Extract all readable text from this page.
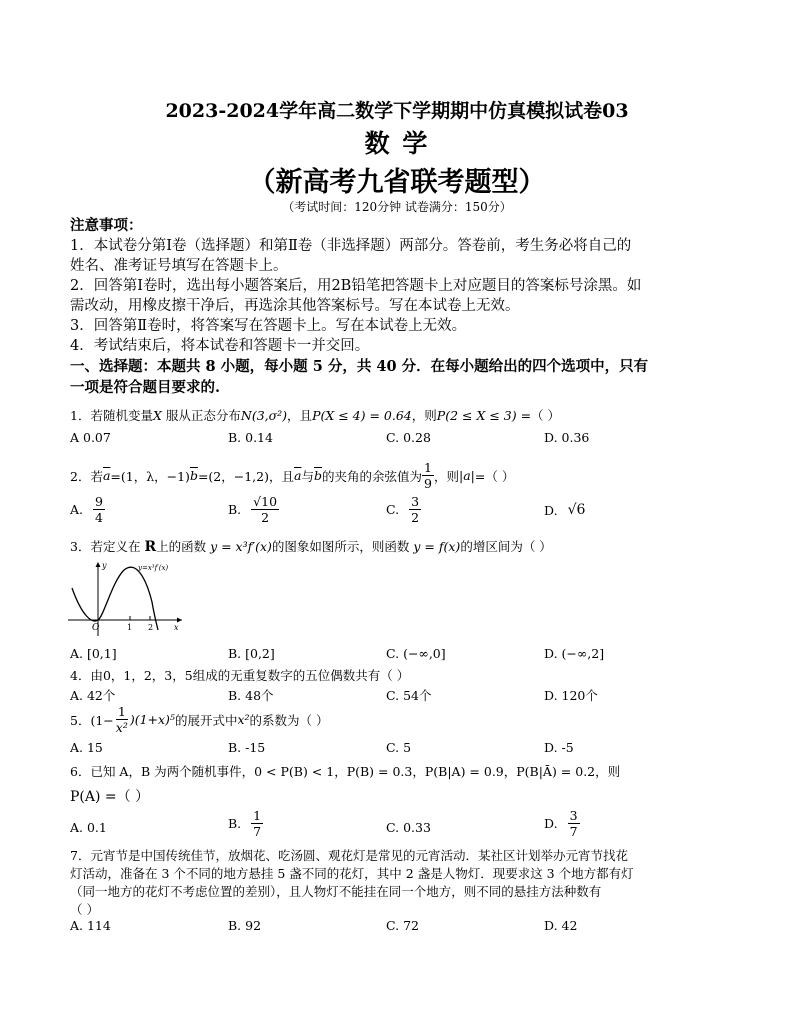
2023-2024学年高二数学下学期期中仿真模拟试卷03
数 学
（新高考九省联考题型）
（考试时间：120分钟 试卷满分：150分）
注意事项：
1．本试卷分第Ⅰ卷（选择题）和第Ⅱ卷（非选择题）两部分。答卷前，考生务必将自己的
姓名、准考证号填写在答题卡上。
2．回答第Ⅰ卷时，选出每小题答案后，用2B铅笔把答题卡上对应题目的答案标号涂黑。如
需改动，用橡皮擦干净后，再选涂其他答案标号。写在本试卷上无效。
3．回答第Ⅱ卷时，将答案写在答题卡上。写在本试卷上无效。
4．考试结束后，将本试卷和答题卡一并交回。
一、选择题：本题共 8 小题，每小题 5 分，共 40 分．在每小题给出的四个选项中，只有
一项是符合题目要求的.
1．若随机变量X 服从正态分布N(3,σ²)，且P(X ≤ 4) = 0.64，则P(2 ≤ X ≤ 3) =（ ）
A 0.07	B. 0.14	C. 0.28	D. 0.36
2．若 $\overline{a} =(1$，λ，−1) $\overline{b} =(2$，−1,2) ，且 $\overline{a}$ 与 $\overline{b}$ 的夹角的余弦值为 $\frac{1}{9}$ ，则 |a| =（ ）
A. $\frac{9}{4}$	B. $\frac{√10}{2}$	C. $\frac{3}{2}$	D. √6
3．若定义在 R上的函数 y = x³f′(x)的图象如图所示，则函数 y = f(x)的增区间为（ ）
O	1 2
y
x
y=x³f′(x)
A. [0,1]	B. [0,2]	C. (−∞,0]	D. (−∞,2]
4．由0，1，2，3，5组成的无重复数字的五位偶数共有（ ）
A. 42个	B. 48个	C. 54个	D. 120个
5．$(1- \frac{1}{\text{x²}} )(1+x)^5$ 的展开式中 x² 的系数为（ ）
A. 15	B. -15	C. 5	D. -5
6．已知 A，B 为两个随机事件，0 < P(B) < 1，P(B) = 0.3，P(B|A) = 0.9，P(B|Ā) = 0.2，则
P(A) =（ ）
A. 0.1	B. $\frac{1}{7}$	C. 0.33	D. $\frac{3}{7}$
7．元宵节是中国传统佳节，放烟花、吃汤圆、观花灯是常见的元宵活动．某社区计划举办元宵节找花
灯活动，准备在 3 个不同的地方悬挂 5 盏不同的花灯，其中 2 盏是人物灯．现要求这 3 个地方都有灯
（同一地方的花灯不考虑位置的差别），且人物灯不能挂在同一个地方，则不同的悬挂方法种数有
（ ）
A. 114	B. 92	C. 72	D. 42
